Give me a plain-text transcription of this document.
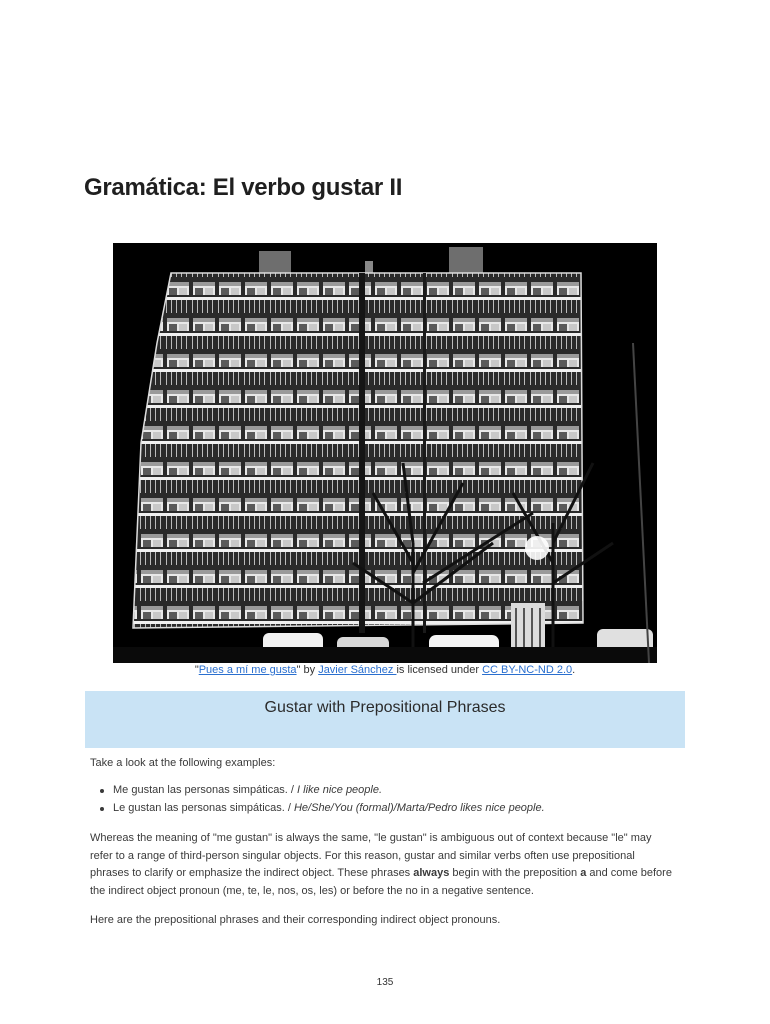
Gramática: El verbo gustar II
"Pues a mí me gusta" by Javier Sánchez is licensed under CC BY-NC-ND 2.0.
Gustar with Prepositional Phrases
Take a look at the following examples:
Me gustan las personas simpáticas. / I like nice people.
Le gustan las personas simpáticas. / He/She/You (formal)/Marta/Pedro likes nice people.

Whereas the meaning of "me gustan" is always the same, "le gustan" is ambiguous out of context because "le" may refer to a range of third-person singular objects. For this reason, gustar and similar verbs often use prepositional phrases to clarify or emphasize the indirect object. These phrases always begin with the preposition a and come before the indirect object pronoun (me, te, le, nos, os, les) or before the no in a negative sentence.

Here are the prepositional phrases and their corresponding indirect object pronouns.

135
